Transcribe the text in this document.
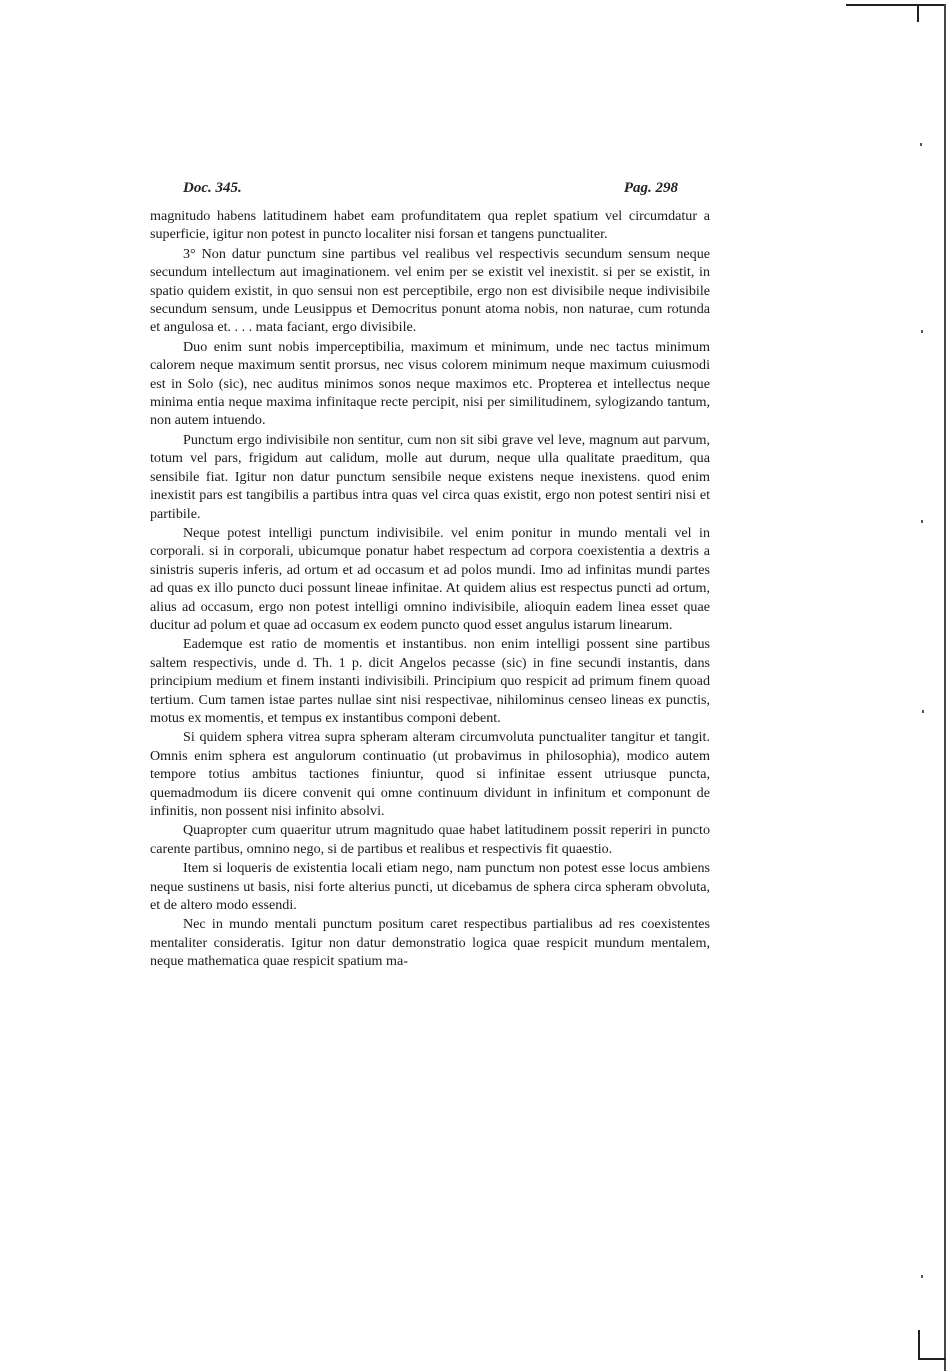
Doc. 345.	Pag. 298

magnitudo habens latitudinem habet eam profunditatem qua replet spatium vel circumdatur a superficie, igitur non potest in puncto localiter nisi forsan et tangens punctualiter.

3° Non datur punctum sine partibus vel realibus vel respectivis secundum sensum neque secundum intellectum aut imaginationem. vel enim per se existit vel inexistit. si per se existit, in spatio quidem existit, in quo sensui non est perceptibile, ergo non est divisibile neque indivisibile secundum sensum, unde Leusippus et Democritus ponunt atoma nobis, non naturae, cum rotunda et angulosa et. . . . mata faciant, ergo divisibile.

Duo enim sunt nobis imperceptibilia, maximum et minimum, unde nec tactus minimum calorem neque maximum sentit prorsus, nec visus colorem minimum neque maximum cuiusmodi est in Solo (sic), nec auditus minimos sonos neque maximos etc. Propterea et intellectus neque minima entia neque maxima infinitaque recte percipit, nisi per similitudinem, sylogizando tantum, non autem intuendo.

Punctum ergo indivisibile non sentitur, cum non sit sibi grave vel leve, magnum aut parvum, totum vel pars, frigidum aut calidum, molle aut durum, neque ulla qualitate praeditum, qua sensibile fiat. Igitur non datur punctum sensibile neque existens neque inexistens. quod enim inexistit pars est tangibilis a partibus intra quas vel circa quas existit, ergo non potest sentiri nisi et partibile.

Neque potest intelligi punctum indivisibile. vel enim ponitur in mundo mentali vel in corporali. si in corporali, ubicumque ponatur habet respectum ad corpora coexistentia a dextris a sinistris superis inferis, ad ortum et ad occasum et ad polos mundi. Imo ad infinitas mundi partes ad quas ex illo puncto duci possunt lineae infinitae. At quidem alius est respectus puncti ad ortum, alius ad occasum, ergo non potest intelligi omnino indivisibile, alioquin eadem linea esset quae ducitur ad polum et quae ad occasum ex eodem puncto quod esset angulus istarum linearum.

Eademque est ratio de momentis et instantibus. non enim intelligi possent sine partibus saltem respectivis, unde d. Th. 1 p. dicit Angelos pecasse (sic) in fine secundi instantis, dans principium medium et finem instanti indivisibili. Principium quo respicit ad primum finem quoad tertium. Cum tamen istae partes nullae sint nisi respectivae, nihilominus censeo lineas ex punctis, motus ex momentis, et tempus ex instantibus componi debent.

Si quidem sphera vitrea supra spheram alteram circumvoluta punctualiter tangitur et tangit. Omnis enim sphera est angulorum continuatio (ut probavimus in philosophia), modico autem tempore totius ambitus tactiones finiuntur, quod si infinitae essent utriusque puncta, quemadmodum iis dicere convenit qui omne continuum dividunt in infinitum et componunt de infinitis, non possent nisi infinito absolvi.

Quapropter cum quaeritur utrum magnitudo quae habet latitudinem possit reperiri in puncto carente partibus, omnino nego, si de partibus et realibus et respectivis fit quaestio.

Item si loqueris de existentia locali etiam nego, nam punctum non potest esse locus ambiens neque sustinens ut basis, nisi forte alterius puncti, ut dicebamus de sphera circa spheram obvoluta, et de altero modo essendi.

Nec in mundo mentali punctum positum caret respectibus partialibus ad res coexistentes mentaliter consideratis. Igitur non datur demonstratio logica quae respicit mundum mentalem, neque mathematica quae respicit spatium ma-
